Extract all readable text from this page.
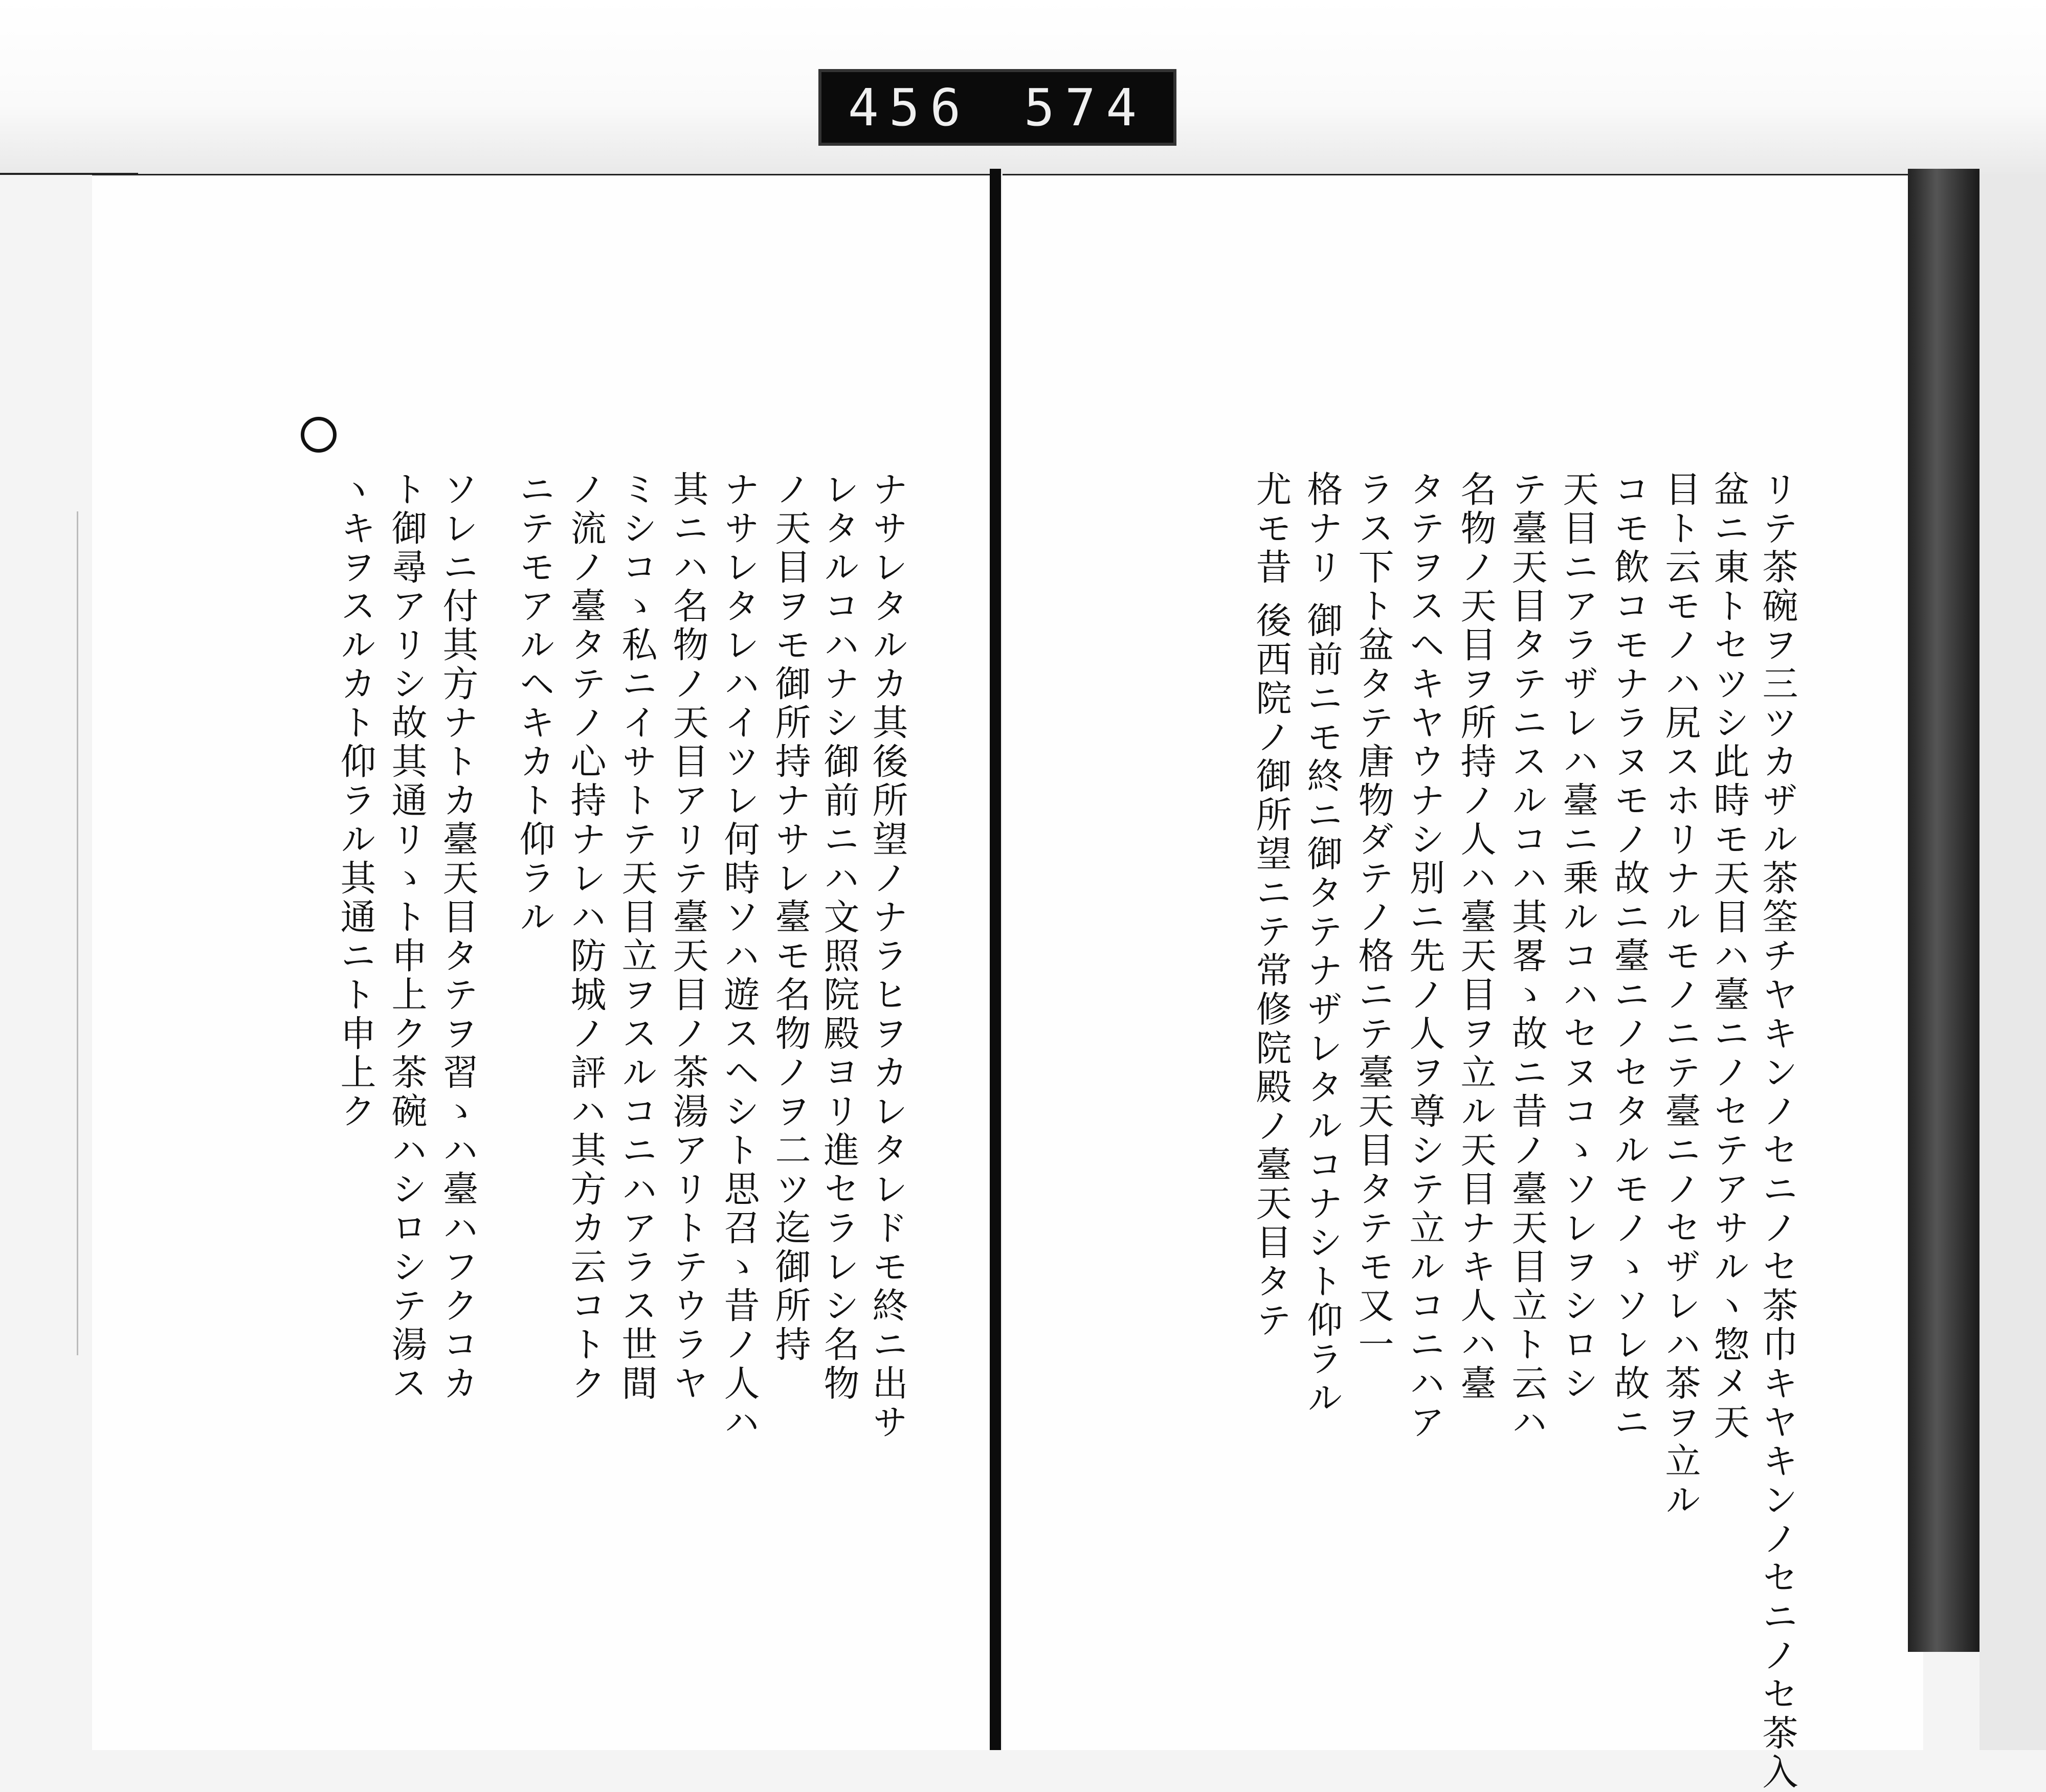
456 574
リテ茶碗ヲ三ツカザル茶筌チヤキンノセニノセ茶巾キヤキンノセニノセ茶入
盆ニ東トセツシ此時モ天目ハ臺ニノセテアサルヽ惣メ天
目ト云モノハ尻スホリナルモノニテ臺ニノセザレハ茶ヲ立ル
コモ飲コモナラヌモノ故ニ臺ニノセタルモノゝソレ故ニ
天目ニアラザレハ臺ニ乗ルコハセヌコゝソレヲシロシ
テ臺天目タテニスルコハ其畧ゝ故ニ昔ノ臺天目立ト云ハ
名物ノ天目ヲ所持ノ人ハ臺天目ヲ立ル天目ナキ人ハ臺
タテヲスヘキヤウナシ別ニ先ノ人ヲ尊シテ立ルコニハア
ラス下ト盆タテ唐物ダテノ格ニテ臺天目タテモ又一
格ナリ 御前ニモ終ニ御タテナザレタルコナシト仰ラル
尤モ昔 後西院ノ御所望ニテ常修院殿ノ臺天目タテ
ナサレタルカ其後所望ノナラヒヲカレタレドモ終ニ出サ
レタルコハナシ御前ニハ文照院殿ヨリ進セラレシ名物
ノ天目ヲモ御所持ナサレ臺モ名物ノヲ二ツ迄御所持
ナサレタレハイツレ何時ソハ遊スヘシト思召ゝ昔ノ人ハ
其ニハ名物ノ天目アリテ臺天目ノ茶湯アリトテウラヤ
ミシコゝ私ニイサトテ天目立ヲスルコニハアラス世間
ノ流ノ臺タテノ心持ナレハ防城ノ評ハ其方カ云コトク
ニテモアルヘキカト仰ラル
ソレニ付其方ナトカ臺天目タテヲ習ゝハ臺ハフクコカ
ト御尋アリシ故其通リゝト申上ク茶碗ハシロシテ湯ス
ヽキヲスルカト仰ラル其通ニト申上ク
